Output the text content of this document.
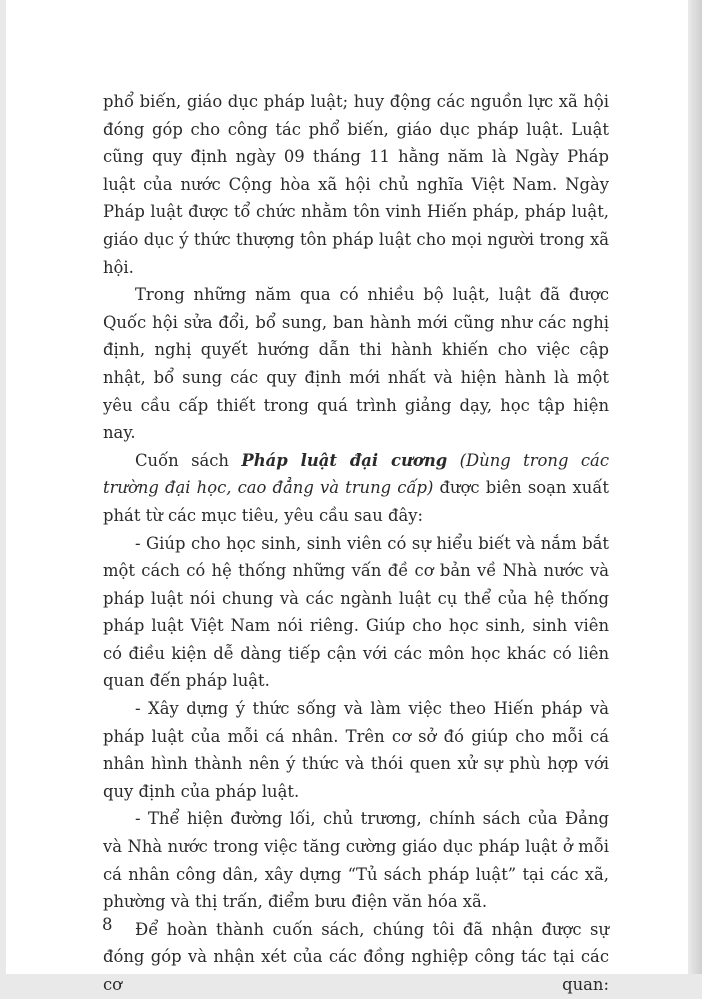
phổ biến, giáo dục pháp luật; huy động các nguồn lực xã hội đóng góp cho công tác phổ biến, giáo dục pháp luật. Luật cũng quy định ngày 09 tháng 11 hằng năm là Ngày Pháp luật của nước Cộng hòa xã hội chủ nghĩa Việt Nam. Ngày Pháp luật được tổ chức nhằm tôn vinh Hiến pháp, pháp luật, giáo dục ý thức thượng tôn pháp luật cho mọi người trong xã hội.

Trong những năm qua có nhiều bộ luật, luật đã được Quốc hội sửa đổi, bổ sung, ban hành mới cũng như các nghị định, nghị quyết hướng dẫn thi hành khiến cho việc cập nhật, bổ sung các quy định mới nhất và hiện hành là một yêu cầu cấp thiết trong quá trình giảng dạy, học tập hiện nay.

Cuốn sách Pháp luật đại cương (Dùng trong các trường đại học, cao đẳng và trung cấp) được biên soạn xuất phát từ các mục tiêu, yêu cầu sau đây:

- Giúp cho học sinh, sinh viên có sự hiểu biết và nắm bắt một cách có hệ thống những vấn đề cơ bản về Nhà nước và pháp luật nói chung và các ngành luật cụ thể của hệ thống pháp luật Việt Nam nói riêng. Giúp cho học sinh, sinh viên có điều kiện dễ dàng tiếp cận với các môn học khác có liên quan đến pháp luật.

- Xây dựng ý thức sống và làm việc theo Hiến pháp và pháp luật của mỗi cá nhân. Trên cơ sở đó giúp cho mỗi cá nhân hình thành nên ý thức và thói quen xử sự phù hợp với quy định của pháp luật.

- Thể hiện đường lối, chủ trương, chính sách của Đảng và Nhà nước trong việc tăng cường giáo dục pháp luật ở mỗi cá nhân công dân, xây dựng “Tủ sách pháp luật” tại các xã, phường và thị trấn, điểm bưu điện văn hóa xã.

Để hoàn thành cuốn sách, chúng tôi đã nhận được sự đóng góp và nhận xét của các đồng nghiệp công tác tại các cơ quan:

8
